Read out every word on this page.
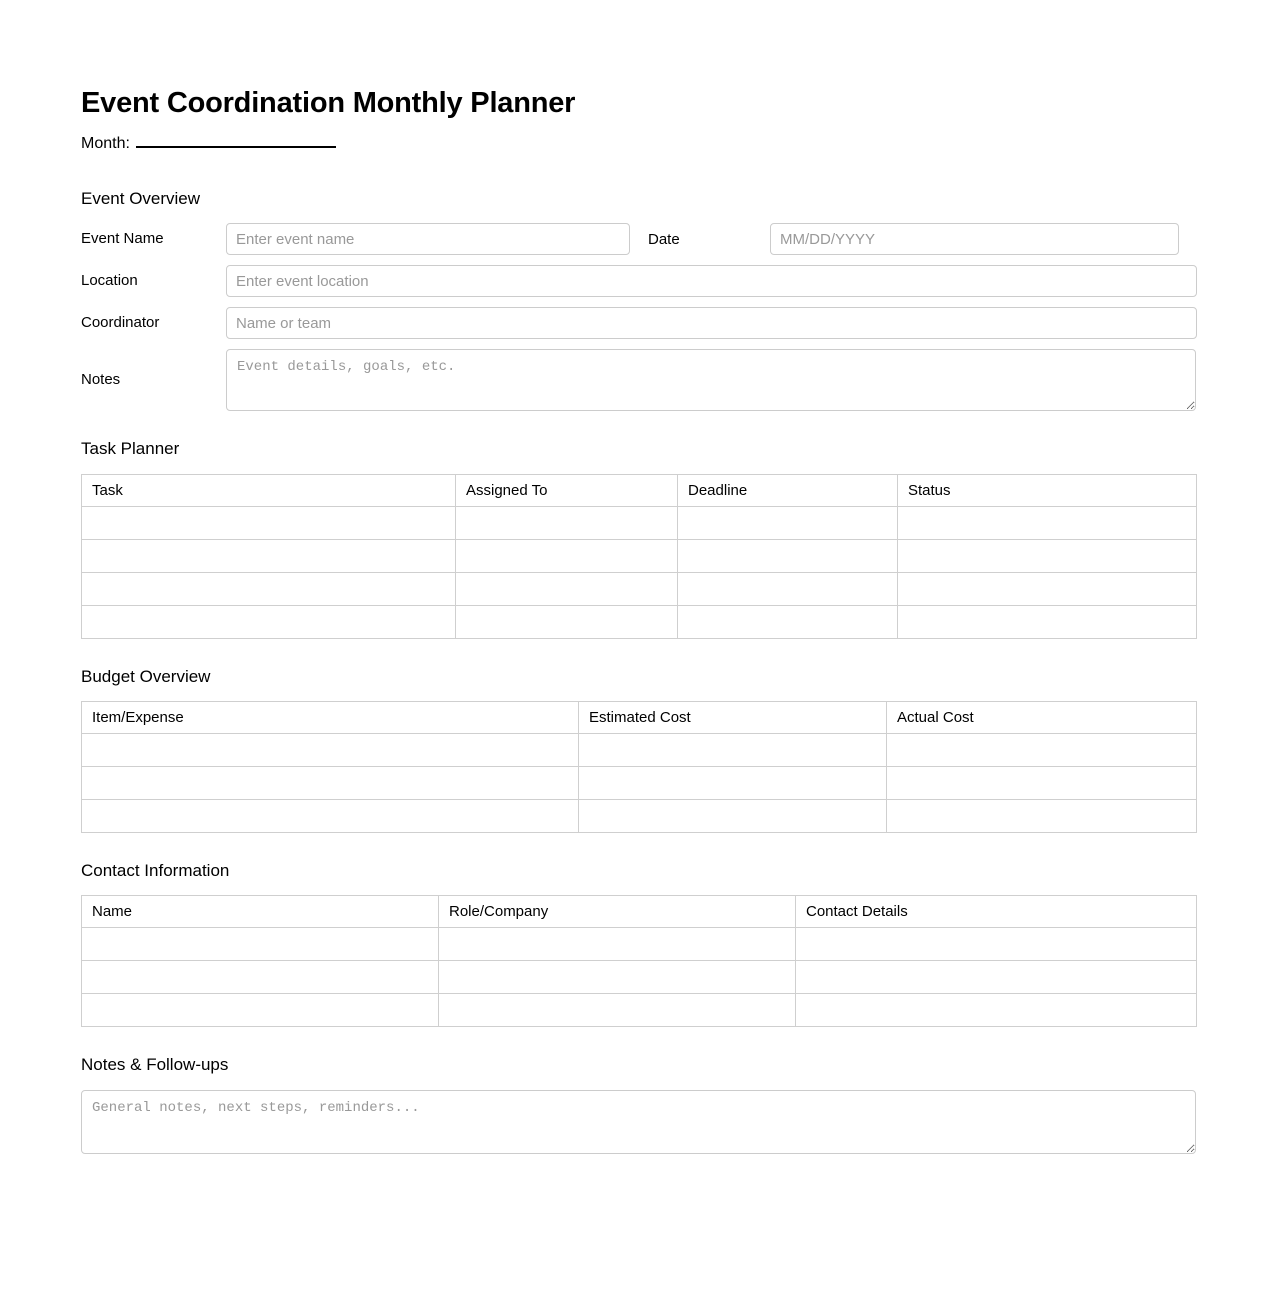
Event Coordination Monthly Planner
Month:
Event Overview
Event Name
Enter event name	Date
MM/DD/YYYY
Location
Enter event location
Coordinator
Name or team
Notes
Event details, goals, etc.
Task Planner
Task	Assigned To	Deadline	Status

Budget Overview
Item/Expense	Estimated Cost	Actual Cost

Contact Information
Name	Role/Company	Contact Details

Notes & Follow-ups
General notes, next steps, reminders...
